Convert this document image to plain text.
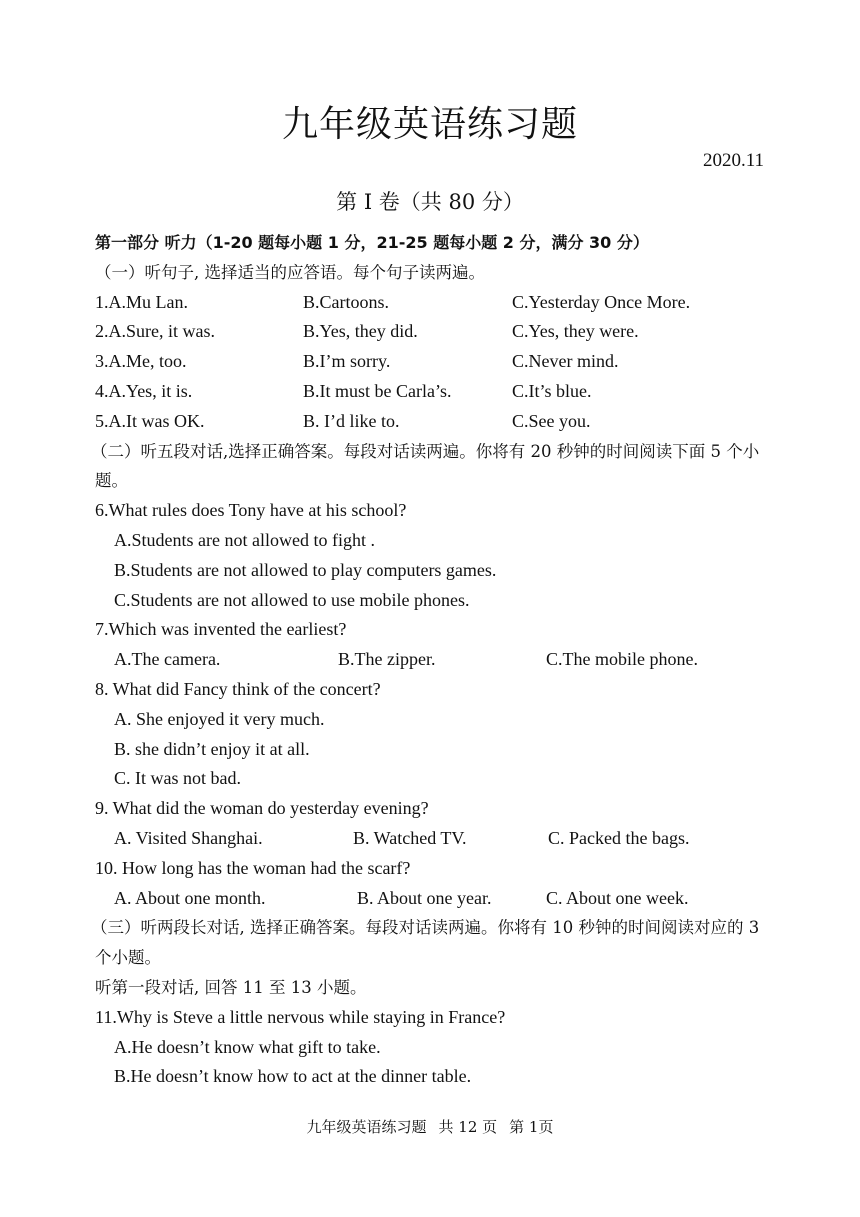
九年级英语练习题
2020.11
第 I 卷（共 80 分）
第一部分 听力（1-20 题每小题 1 分，21-25 题每小题 2 分，满分 30 分）
（一）听句子, 选择适当的应答语。每个句子读两遍。
1.A.Mu Lan.	B.Cartoons.	C.Yesterday Once More.
2.A.Sure, it was.	B.Yes, they did.	C.Yes, they were.
3.A.Me, too.	B.I’m sorry.	C.Never mind.
4.A.Yes, it is.	B.It must be Carla’s.	C.It’s blue.
5.A.It was OK.	B. I’d like to.	C.See you.
（二）听五段对话,选择正确答案。每段对话读两遍。你将有 20 秒钟的时间阅读下面 5 个小题。
6.What rules does Tony have at his school?
A.Students are not allowed to fight .
B.Students are not allowed to play computers games.
C.Students are not allowed to use mobile phones.
7.Which was invented the earliest?
A.The camera.	B.The zipper.	C.The mobile phone.
8. What did Fancy think of the concert?
A. She enjoyed it very much.
B. she didn’t enjoy it at all.
C. It was not bad.
9. What did the woman do yesterday evening?
A. Visited Shanghai.	B. Watched TV.	C. Packed the bags.
10. How long has the woman had the scarf?
A. About one month.	B. About one year.	C. About one week.
（三）听两段长对话, 选择正确答案。每段对话读两遍。你将有 10 秒钟的时间阅读对应的 3 个小题。
听第一段对话, 回答 11 至 13 小题。
11.Why is Steve a little nervous while staying in France?
A.He doesn’t know what gift to take.
B.He doesn’t know how to act at the dinner table.
九年级英语练习题 共 12 页 第 1页
